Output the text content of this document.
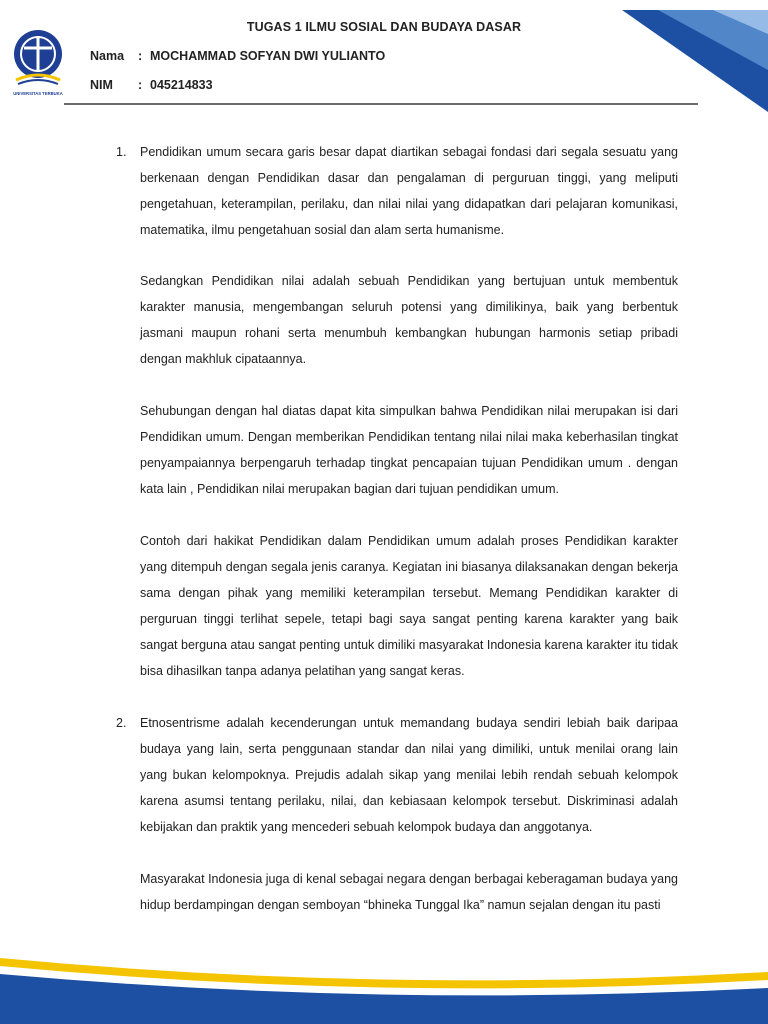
UNIVERSITAS TERBUKA
TUGAS 1 ILMU SOSIAL DAN BUDAYA DASAR
Nama : MOCHAMMAD SOFYAN DWI YULIANTO
NIM : 045214833
1. Pendidikan umum secara garis besar dapat diartikan sebagai fondasi dari segala sesuatu yang berkenaan dengan Pendidikan dasar dan pengalaman di perguruan tinggi, yang meliputi pengetahuan, keterampilan, perilaku, dan nilai nilai yang didapatkan dari pelajaran komunikasi, matematika, ilmu pengetahuan sosial dan alam serta humanisme.
Sedangkan Pendidikan nilai adalah sebuah Pendidikan yang bertujuan untuk membentuk karakter manusia, mengembangan seluruh potensi yang dimilikinya, baik yang berbentuk jasmani maupun rohani serta menumbuh kembangkan hubungan harmonis setiap pribadi dengan makhluk cipataannya.
Sehubungan dengan hal diatas dapat kita simpulkan bahwa Pendidikan nilai merupakan isi dari Pendidikan umum. Dengan memberikan Pendidikan tentang nilai nilai maka keberhasilan tingkat penyampaiannya berpengaruh terhadap tingkat pencapaian tujuan Pendidikan umum . dengan kata lain , Pendidikan nilai merupakan bagian dari tujuan pendidikan umum.
Contoh dari hakikat Pendidikan dalam Pendidikan umum adalah proses Pendidikan karakter yang ditempuh dengan segala jenis caranya. Kegiatan ini biasanya dilaksanakan dengan bekerja sama dengan pihak yang memiliki keterampilan tersebut. Memang Pendidikan karakter di perguruan tinggi terlihat sepele, tetapi bagi saya sangat penting karena karakter yang baik sangat berguna atau sangat penting untuk dimiliki masyarakat Indonesia karena karakter itu tidak bisa dihasilkan tanpa adanya pelatihan yang sangat keras.
2. Etnosentrisme adalah kecenderungan untuk memandang budaya sendiri lebiah baik daripaa budaya yang lain, serta penggunaan standar dan nilai yang dimiliki, untuk menilai orang lain yang bukan kelompoknya. Prejudis adalah sikap yang menilai lebih rendah sebuah kelompok karena asumsi tentang perilaku, nilai, dan kebiasaan kelompok tersebut. Diskriminasi adalah kebijakan dan praktik yang mencederi sebuah kelompok budaya dan anggotanya.
Masyarakat Indonesia juga di kenal sebagai negara dengan berbagai keberagaman budaya yang hidup berdampingan dengan semboyan “bhineka Tunggal Ika” namun sejalan dengan itu pasti
